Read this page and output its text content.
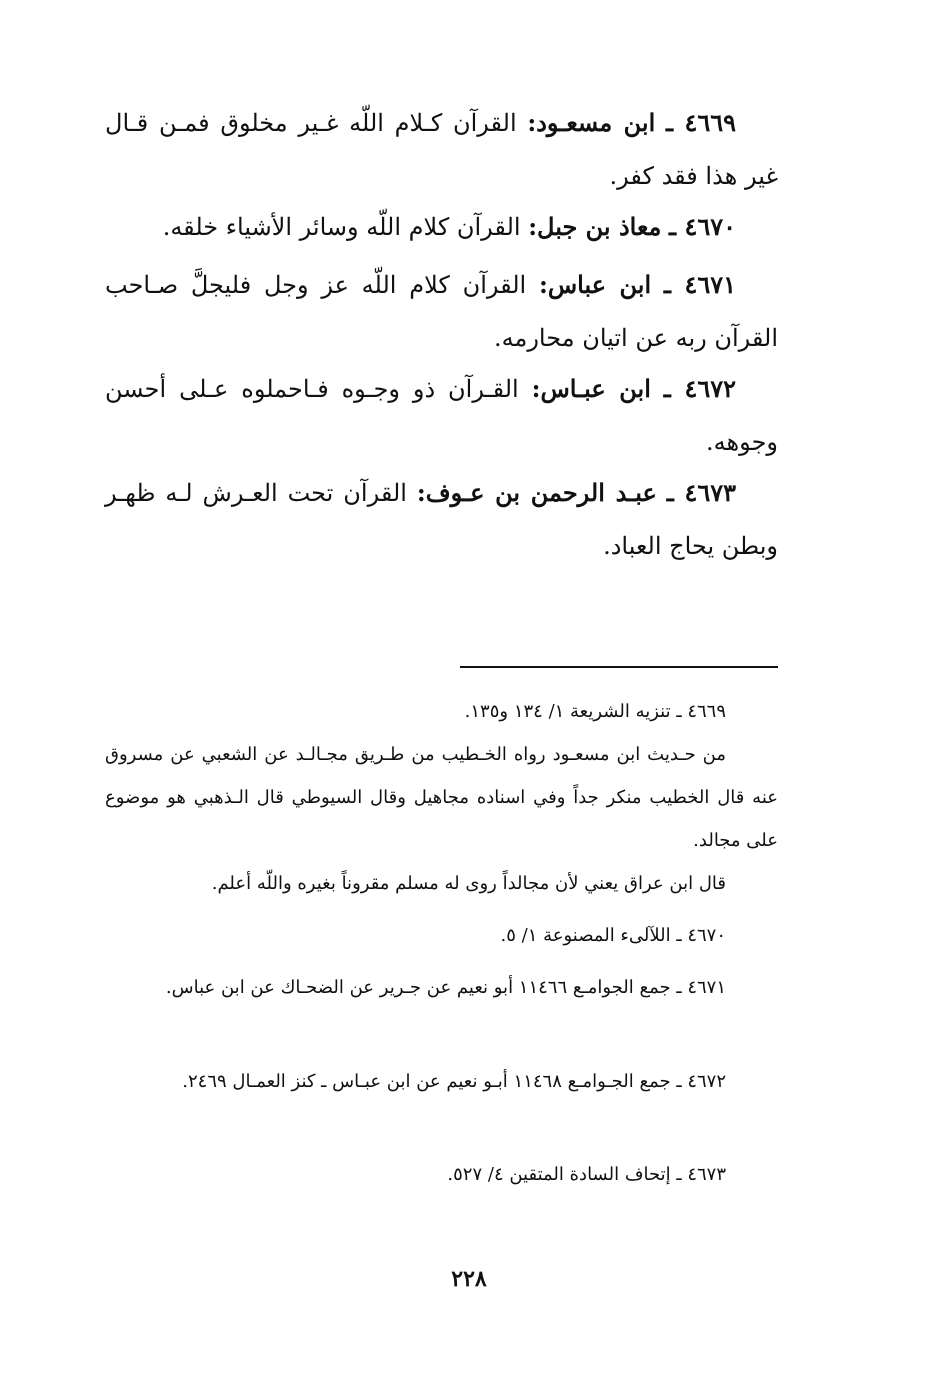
٤٦٦٩ ـ ابن مسعـود: القرآن كـلام اللّه غـير مخلوق فمـن قـال غير هذا فقد كفر.

٤٦٧٠ ـ معاذ بن جبل: القرآن كلام اللّه وسائر الأشياء خلقه.

٤٦٧١ ـ ابن عباس: القرآن كلام اللّه عز وجل فليجلَّ صـاحب القرآن ربه عن اتيان محارمه.

٤٦٧٢ ـ ابن عبـاس: القـرآن ذو وجـوه فـاحملوه عـلى أحسن وجوهه.

٤٦٧٣ ـ عبـد الرحمن بن عـوف: القرآن تحت العـرش لـه ظهـر وبطن يحاج العباد.

٤٦٦٩ ـ تنزيه الشريعة ١/ ١٣٤ و١٣٥.

من حـديث ابن مسعـود رواه الخـطيب من طـريق مجـالـد عن الشعبي عن مسروق عنه قال الخطيب منكر جداً وفي اسناده مجاهيل وقال السيوطي قال الـذهبي هو موضوع على مجالد.

قال ابن عراق يعني لأن مجالداً روى له مسلم مقروناً بغيره واللّه أعلم.

٤٦٧٠ ـ اللآلىء المصنوعة ١/ ٥.

٤٦٧١ ـ جمع الجوامـع ١١٤٦٦ أبو نعيم عن جـرير عن الضحـاك عن ابن عباس.

٤٦٧٢ ـ جمع الجـوامـع ١١٤٦٨ أبـو نعيم عن ابن عبـاس ـ كنز العمـال ٢٤٦٩.

٤٦٧٣ ـ إتحاف السادة المتقين ٤/ ٥٢٧.

٢٢٨
